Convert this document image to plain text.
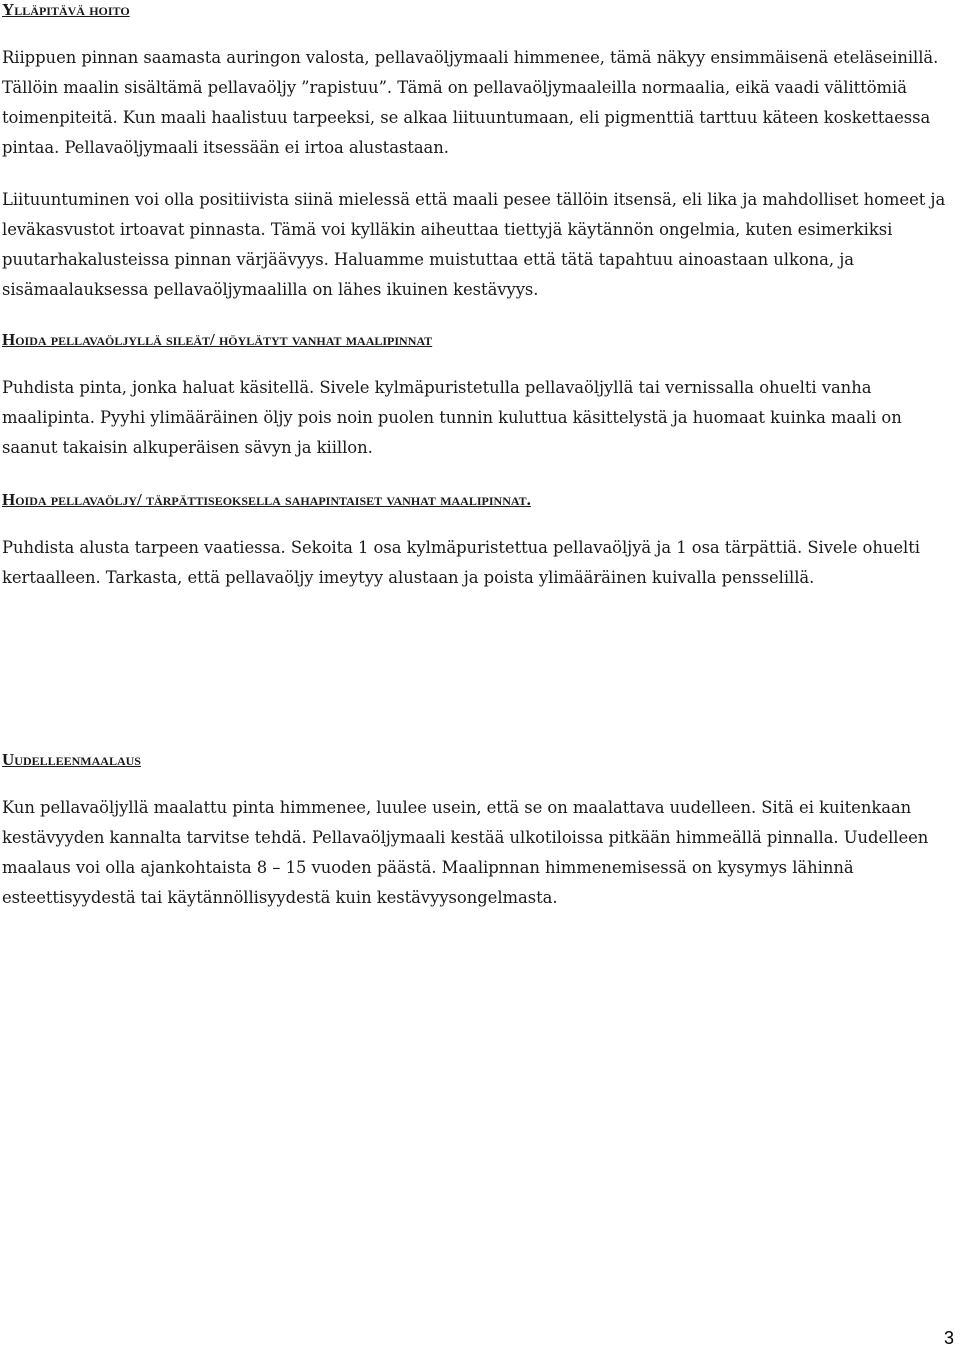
Ylläpitävä hoito

Riippuen pinnan saamasta auringon valosta, pellavaöljymaali himmenee, tämä näkyy ensimmäisenä eteläseinillä. Tällöin maalin sisältämä pellavaöljy ”rapistuu”. Tämä on pellavaöljymaaleilla normaalia, eikä vaadi välittömiä toimenpiteitä. Kun maali haalistuu tarpeeksi, se alkaa liituuntumaan, eli pigmenttiä tarttuu käteen koskettaessa pintaa. Pellavaöljymaali itsessään ei irtoa alustastaan.

Liituuntuminen voi olla positiivista siinä mielessä että maali pesee tällöin itsensä, eli lika ja mahdolliset homeet ja leväkasvustot irtoavat pinnasta. Tämä voi kylläkin aiheuttaa tiettyjä käytännön ongelmia, kuten esimerkiksi puutarhakalusteissa pinnan värjäävyys. Haluamme muistuttaa että tätä tapahtuu ainoastaan ulkona, ja sisämaalauksessa pellavaöljymaalilla on lähes ikuinen kestävyys.

Hoida pellavaöljyllä sileät/ höylätyt vanhat maalipinnat

Puhdista pinta, jonka haluat käsitellä. Sivele kylmäpuristetulla pellavaöljyllä tai vernissalla ohuelti vanha maalipinta. Pyyhi ylimääräinen öljy pois noin puolen tunnin kuluttua käsittelystä ja huomaat kuinka maali on saanut takaisin alkuperäisen sävyn ja kiillon.

Hoida pellavaöljy/ tärpättiseoksella sahapintaiset vanhat maalipinnat.

Puhdista alusta tarpeen vaatiessa. Sekoita 1 osa kylmäpuristettua pellavaöljyä ja 1 osa tärpättiä. Sivele ohuelti kertaalleen. Tarkasta, että pellavaöljy imeytyy alustaan ja poista ylimääräinen kuivalla pensselillä.

Uudelleenmaalaus

Kun pellavaöljyllä maalattu pinta himmenee, luulee usein, että se on maalattava uudelleen. Sitä ei kuitenkaan kestävyyden kannalta tarvitse tehdä. Pellavaöljymaali kestää ulkotiloissa pitkään himmeällä pinnalla. Uudelleen maalaus voi olla ajankohtaista 8 – 15 vuoden päästä. Maalipnnan himmenemisessä on kysymys lähinnä esteettisyydestä tai käytännöllisyydestä kuin kestävyysongelmasta.

3
